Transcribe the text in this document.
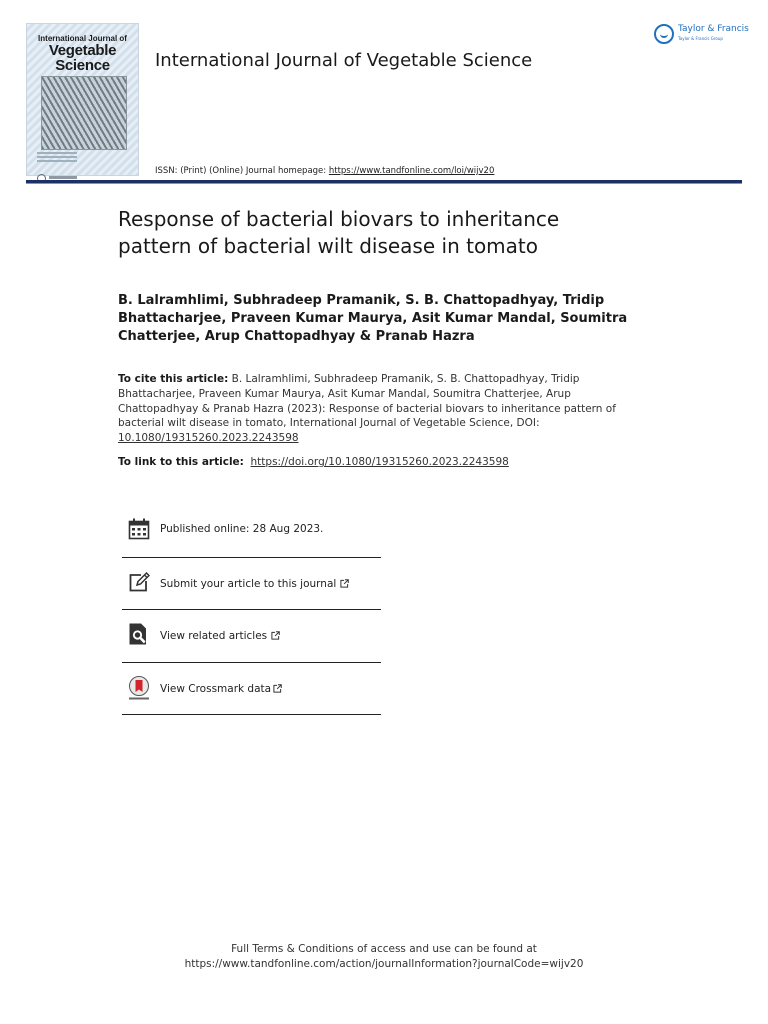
International Journal of
Vegetable
Science	International Journal of Vegetable Science
Taylor & Francis
Taylor & Francis Group
ISSN: (Print) (Online) Journal homepage: https://www.tandfonline.com/loi/wijv20
Response of bacterial biovars to inheritance pattern of bacterial wilt disease in tomato
B. Lalramhlimi, Subhradeep Pramanik, S. B. Chattopadhyay, Tridip Bhattacharjee, Praveen Kumar Maurya, Asit Kumar Mandal, Soumitra Chatterjee, Arup Chattopadhyay & Pranab Hazra
To cite this article: B. Lalramhlimi, Subhradeep Pramanik, S. B. Chattopadhyay, Tridip Bhattacharjee, Praveen Kumar Maurya, Asit Kumar Mandal, Soumitra Chatterjee, Arup Chattopadhyay & Pranab Hazra (2023): Response of bacterial biovars to inheritance pattern of bacterial wilt disease in tomato, International Journal of Vegetable Science, DOI: 10.1080/19315260.2023.2243598
To link to this article: https://doi.org/10.1080/19315260.2023.2243598
Published online: 28 Aug 2023.
Submit your article to this journal
View related articles
View Crossmark data
Full Terms & Conditions of access and use can be found at
https://www.tandfonline.com/action/journalInformation?journalCode=wijv20
